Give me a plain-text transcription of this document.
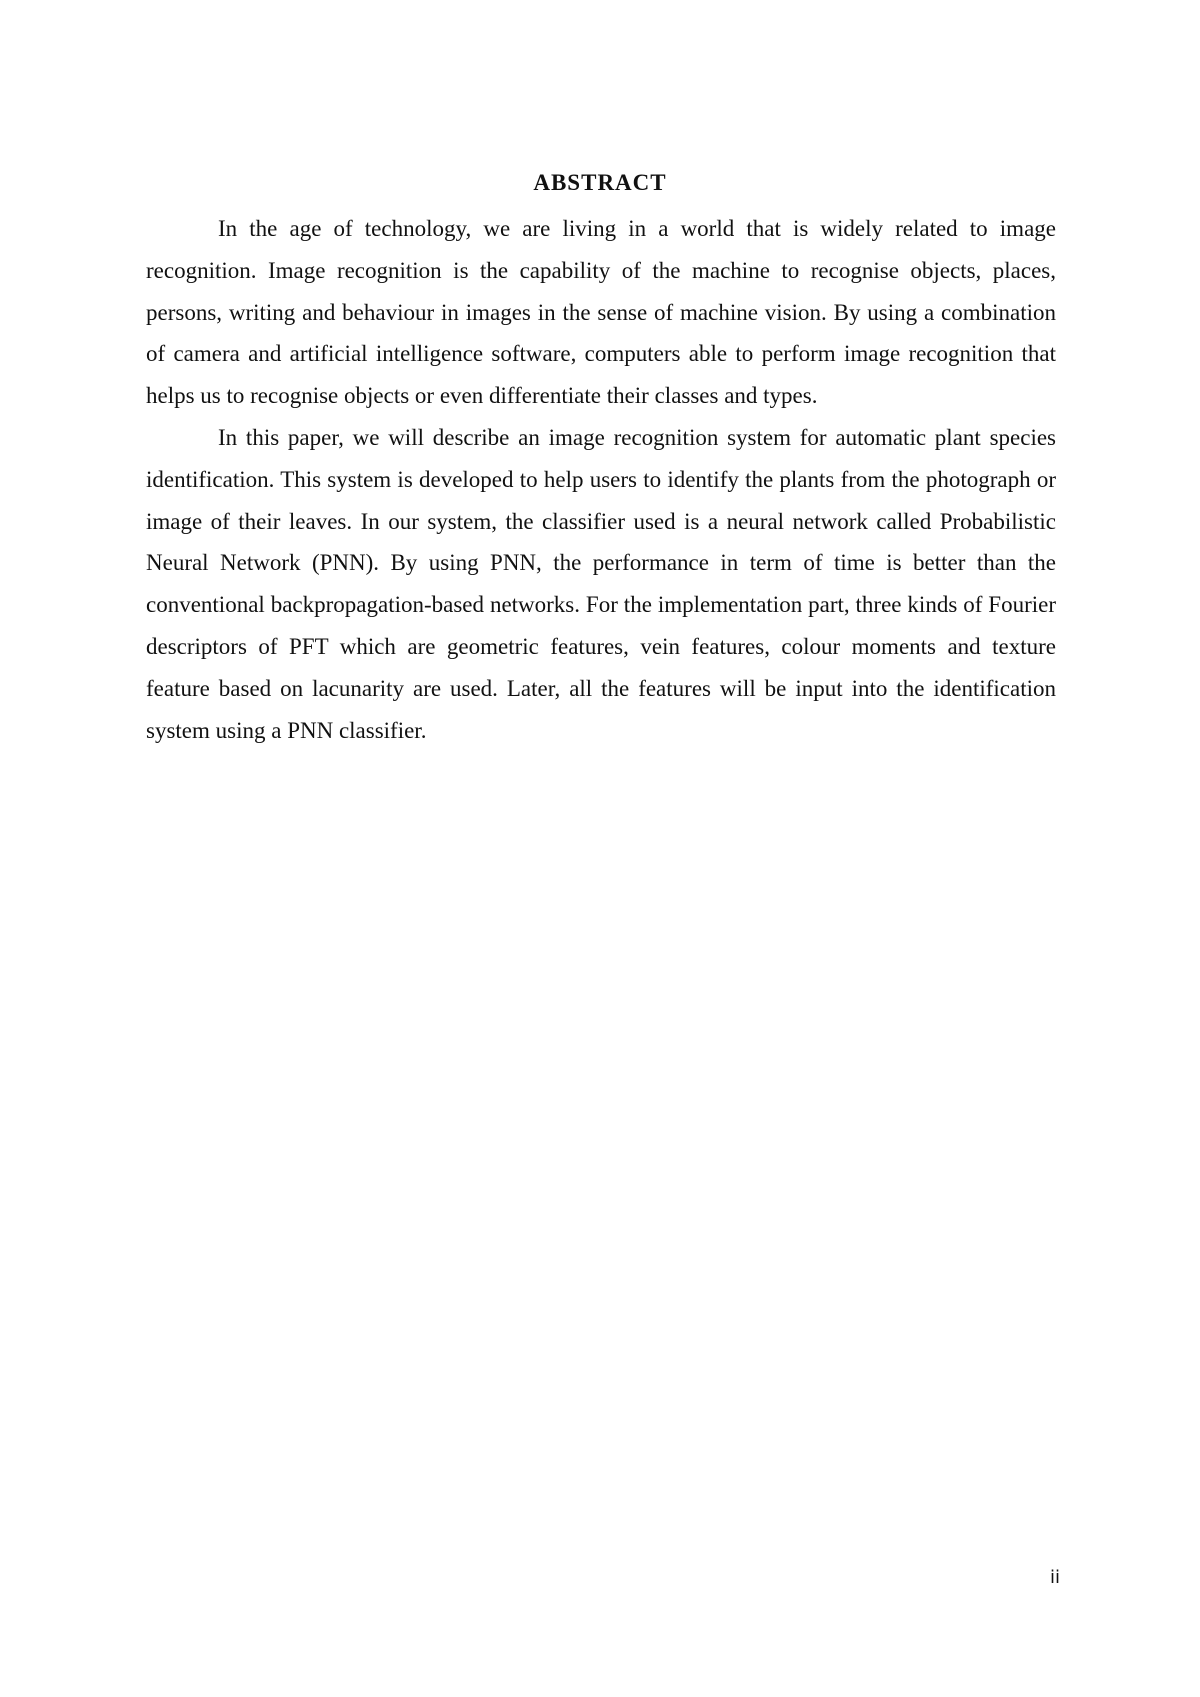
ABSTRACT

In the age of technology, we are living in a world that is widely related to image recognition. Image recognition is the capability of the machine to recognise objects, places, persons, writing and behaviour in images in the sense of machine vision. By using a combination of camera and artificial intelligence software, computers able to perform image recognition that helps us to recognise objects or even differentiate their classes and types.

In this paper, we will describe an image recognition system for automatic plant species identification. This system is developed to help users to identify the plants from the photograph or image of their leaves. In our system, the classifier used is a neural network called Probabilistic Neural Network (PNN). By using PNN, the performance in term of time is better than the conventional backpropagation-based networks. For the implementation part, three kinds of Fourier descriptors of PFT which are geometric features, vein features, colour moments and texture feature based on lacunarity are used. Later, all the features will be input into the identification system using a PNN classifier.

ii
